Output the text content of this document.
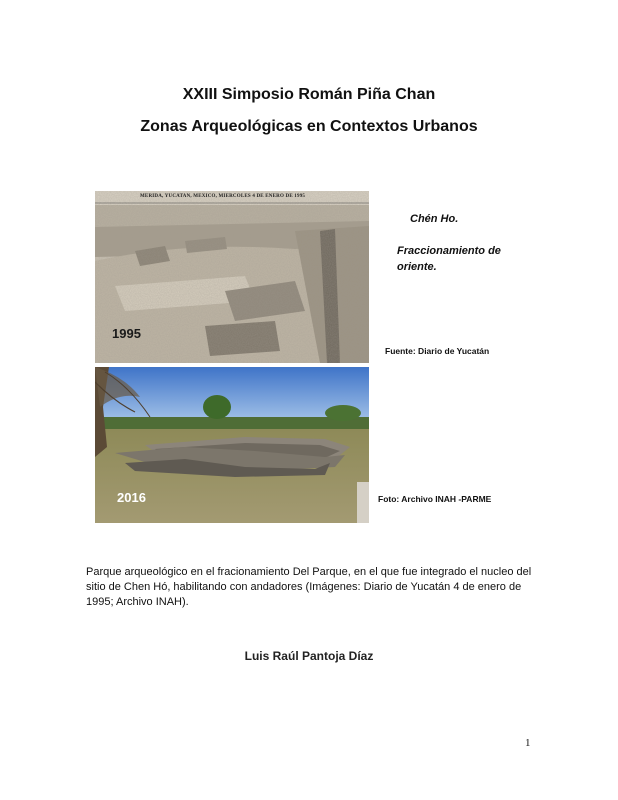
XXIII Simposio Román Piña Chan
Zonas Arqueológicas en Contextos Urbanos
MERIDA, YUCATAN, MEXICO, MIERCOLES 4 DE ENERO DE 1995
1995
2016
Chén Ho.
Fraccionamiento de oriente.
Fuente: Diario de Yucatán
Foto: Archivo INAH -PARME
Parque arqueológico en el fracionamiento Del Parque, en el que fue integrado el nucleo del sitio de Chen Hó, habilitando con andadores (Imágenes: Diario de Yucatán 4 de enero de 1995; Archivo INAH).
Luis Raúl Pantoja Díaz
1
